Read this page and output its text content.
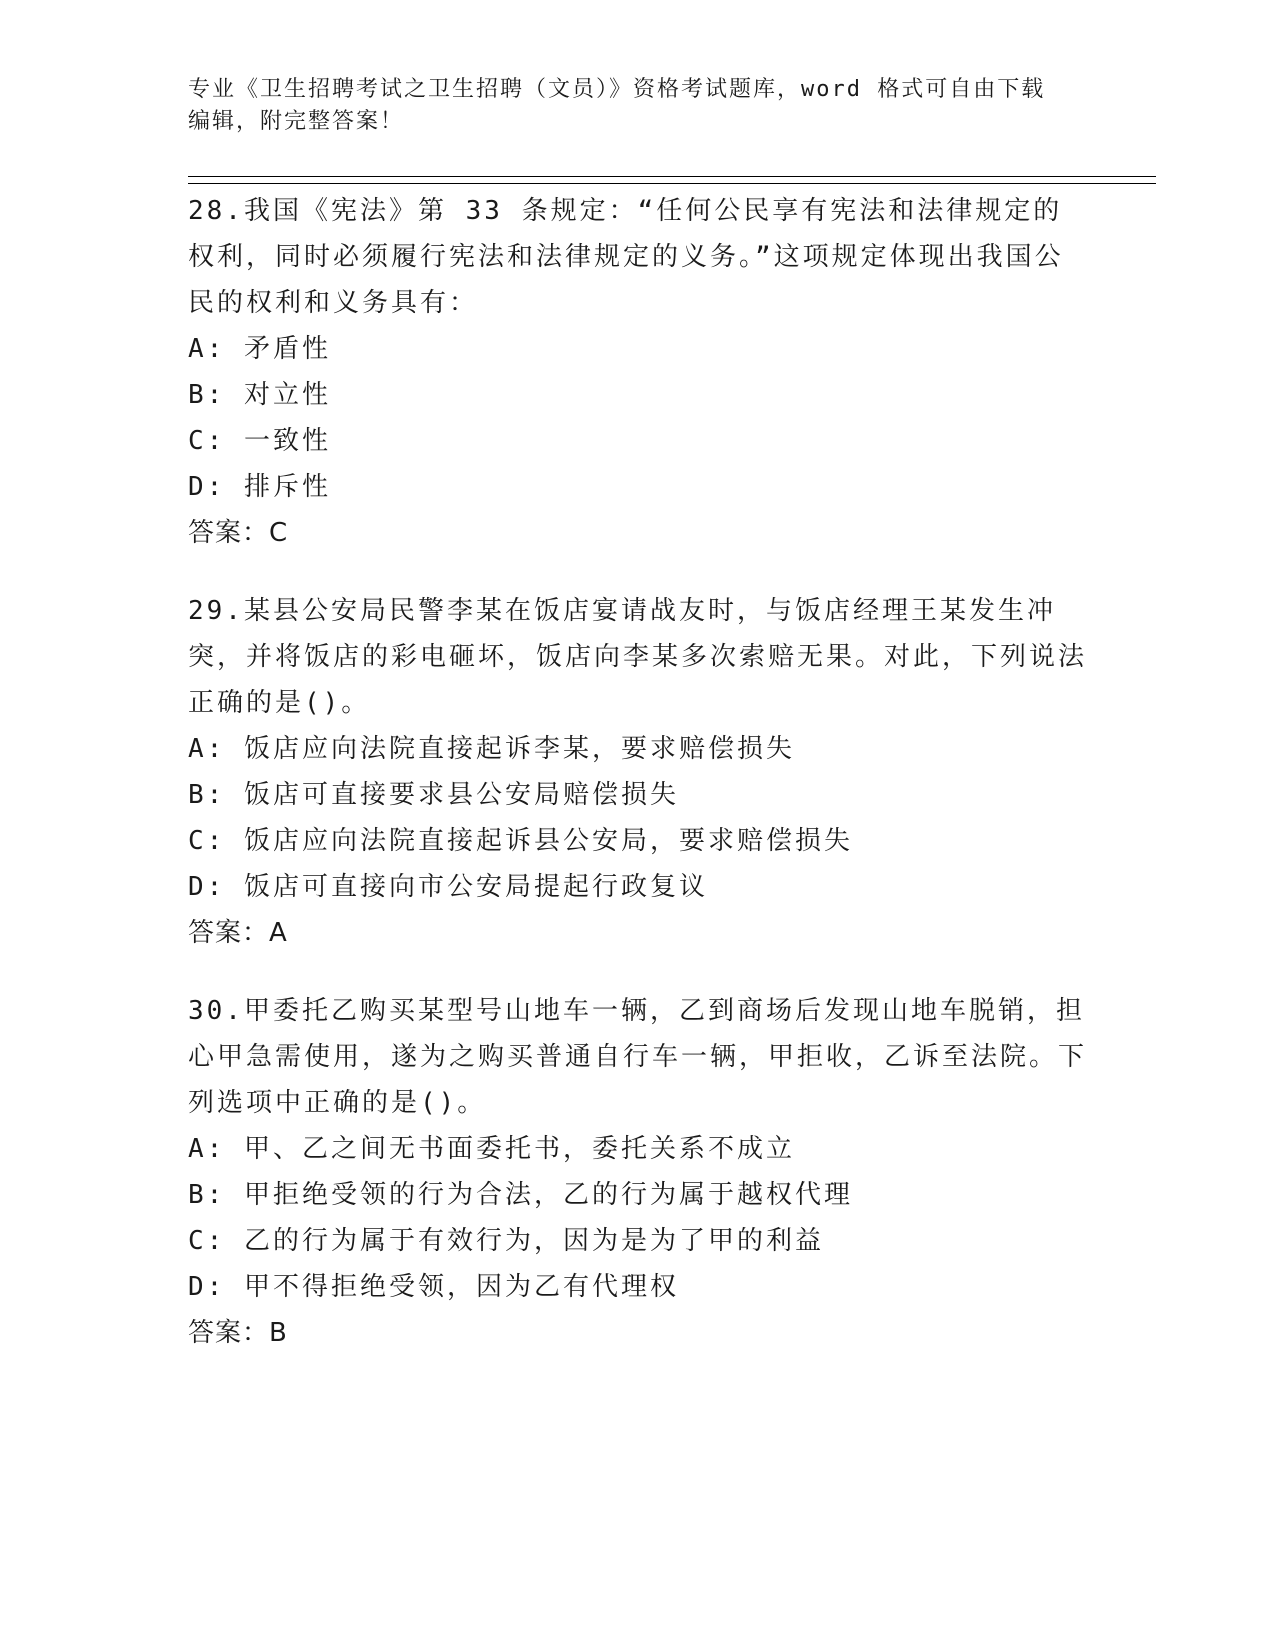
专业《卫生招聘考试之卫生招聘（文员）》资格考试题库，word 格式可自由下载
编辑，附完整答案！

28.我国《宪法》第 33 条规定：“任何公民享有宪法和法律规定的权利，同时必须履行宪法和法律规定的义务。”这项规定体现出我国公民的权利和义务具有：

A: 矛盾性

B: 对立性

C: 一致性

D: 排斥性

答案：C

29.某县公安局民警李某在饭店宴请战友时，与饭店经理王某发生冲突，并将饭店的彩电砸坏，饭店向李某多次索赔无果。对此，下列说法正确的是()。

A: 饭店应向法院直接起诉李某，要求赔偿损失

B: 饭店可直接要求县公安局赔偿损失

C: 饭店应向法院直接起诉县公安局，要求赔偿损失

D: 饭店可直接向市公安局提起行政复议

答案：A

30.甲委托乙购买某型号山地车一辆，乙到商场后发现山地车脱销，担心甲急需使用，遂为之购买普通自行车一辆，甲拒收，乙诉至法院。下列选项中正确的是()。

A: 甲、乙之间无书面委托书，委托关系不成立

B: 甲拒绝受领的行为合法，乙的行为属于越权代理

C: 乙的行为属于有效行为，因为是为了甲的利益

D: 甲不得拒绝受领，因为乙有代理权

答案：B
